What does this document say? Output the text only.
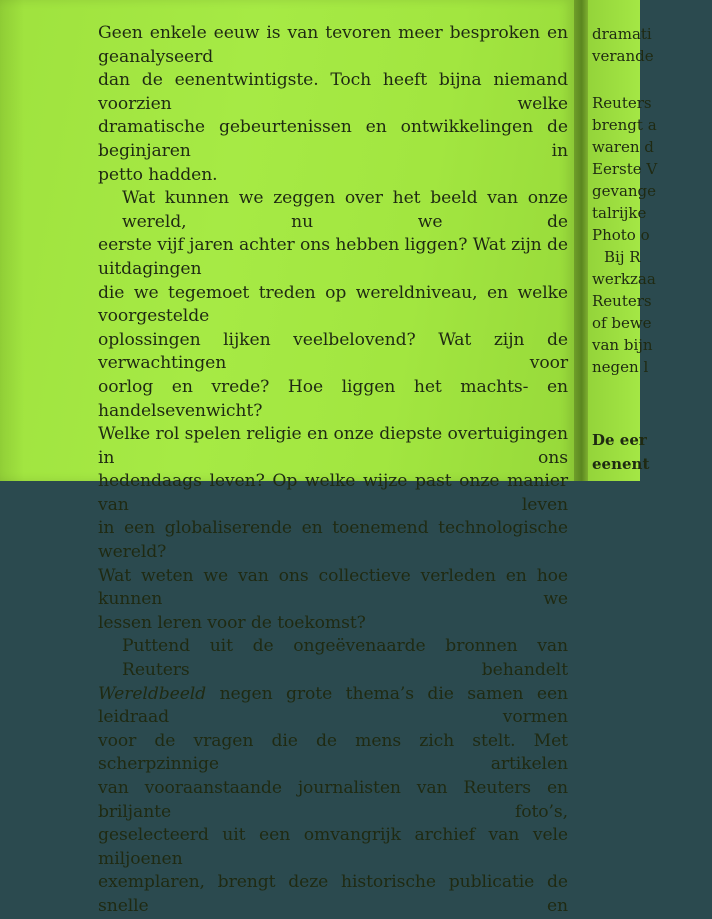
Geen enkele eeuw is van tevoren meer besproken en geanalyseerd
dan de eenentwintigste. Toch heeft bijna niemand voorzien welke
dramatische gebeurtenissen en ontwikkelingen de beginjaren in
petto hadden.

Wat kunnen we zeggen over het beeld van onze wereld, nu we de
eerste vijf jaren achter ons hebben liggen? Wat zijn de uitdagingen
die we tegemoet treden op wereldniveau, en welke voorgestelde
oplossingen lijken veelbelovend? Wat zijn de verwachtingen voor
oorlog en vrede? Hoe liggen het machts- en handelsevenwicht?
Welke rol spelen religie en onze diepste overtuigingen in ons
hedendaags leven? Op welke wijze past onze manier van leven
in een globaliserende en toenemend technologische wereld?
Wat weten we van ons collectieve verleden en hoe kunnen we
lessen leren voor de toekomst?

Puttend uit de ongeëvenaarde bronnen van Reuters behandelt
Wereldbeeld negen grote thema’s die samen een leidraad vormen
voor de vragen die de mens zich stelt. Met scherpzinnige artikelen
van vooraanstaande journalisten van Reuters en briljante foto’s,
geselecteerd uit een omvangrijk archief van vele miljoenen
exemplaren, brengt deze historische publicatie de snelle en

dramati
verande
Reuters
brengt a
waren d
Eerste V
gevange
talrijke
Photo o
Bij R
werkzaa
Reuters
of bewe
van bijn
negen l
De eer
eenent
